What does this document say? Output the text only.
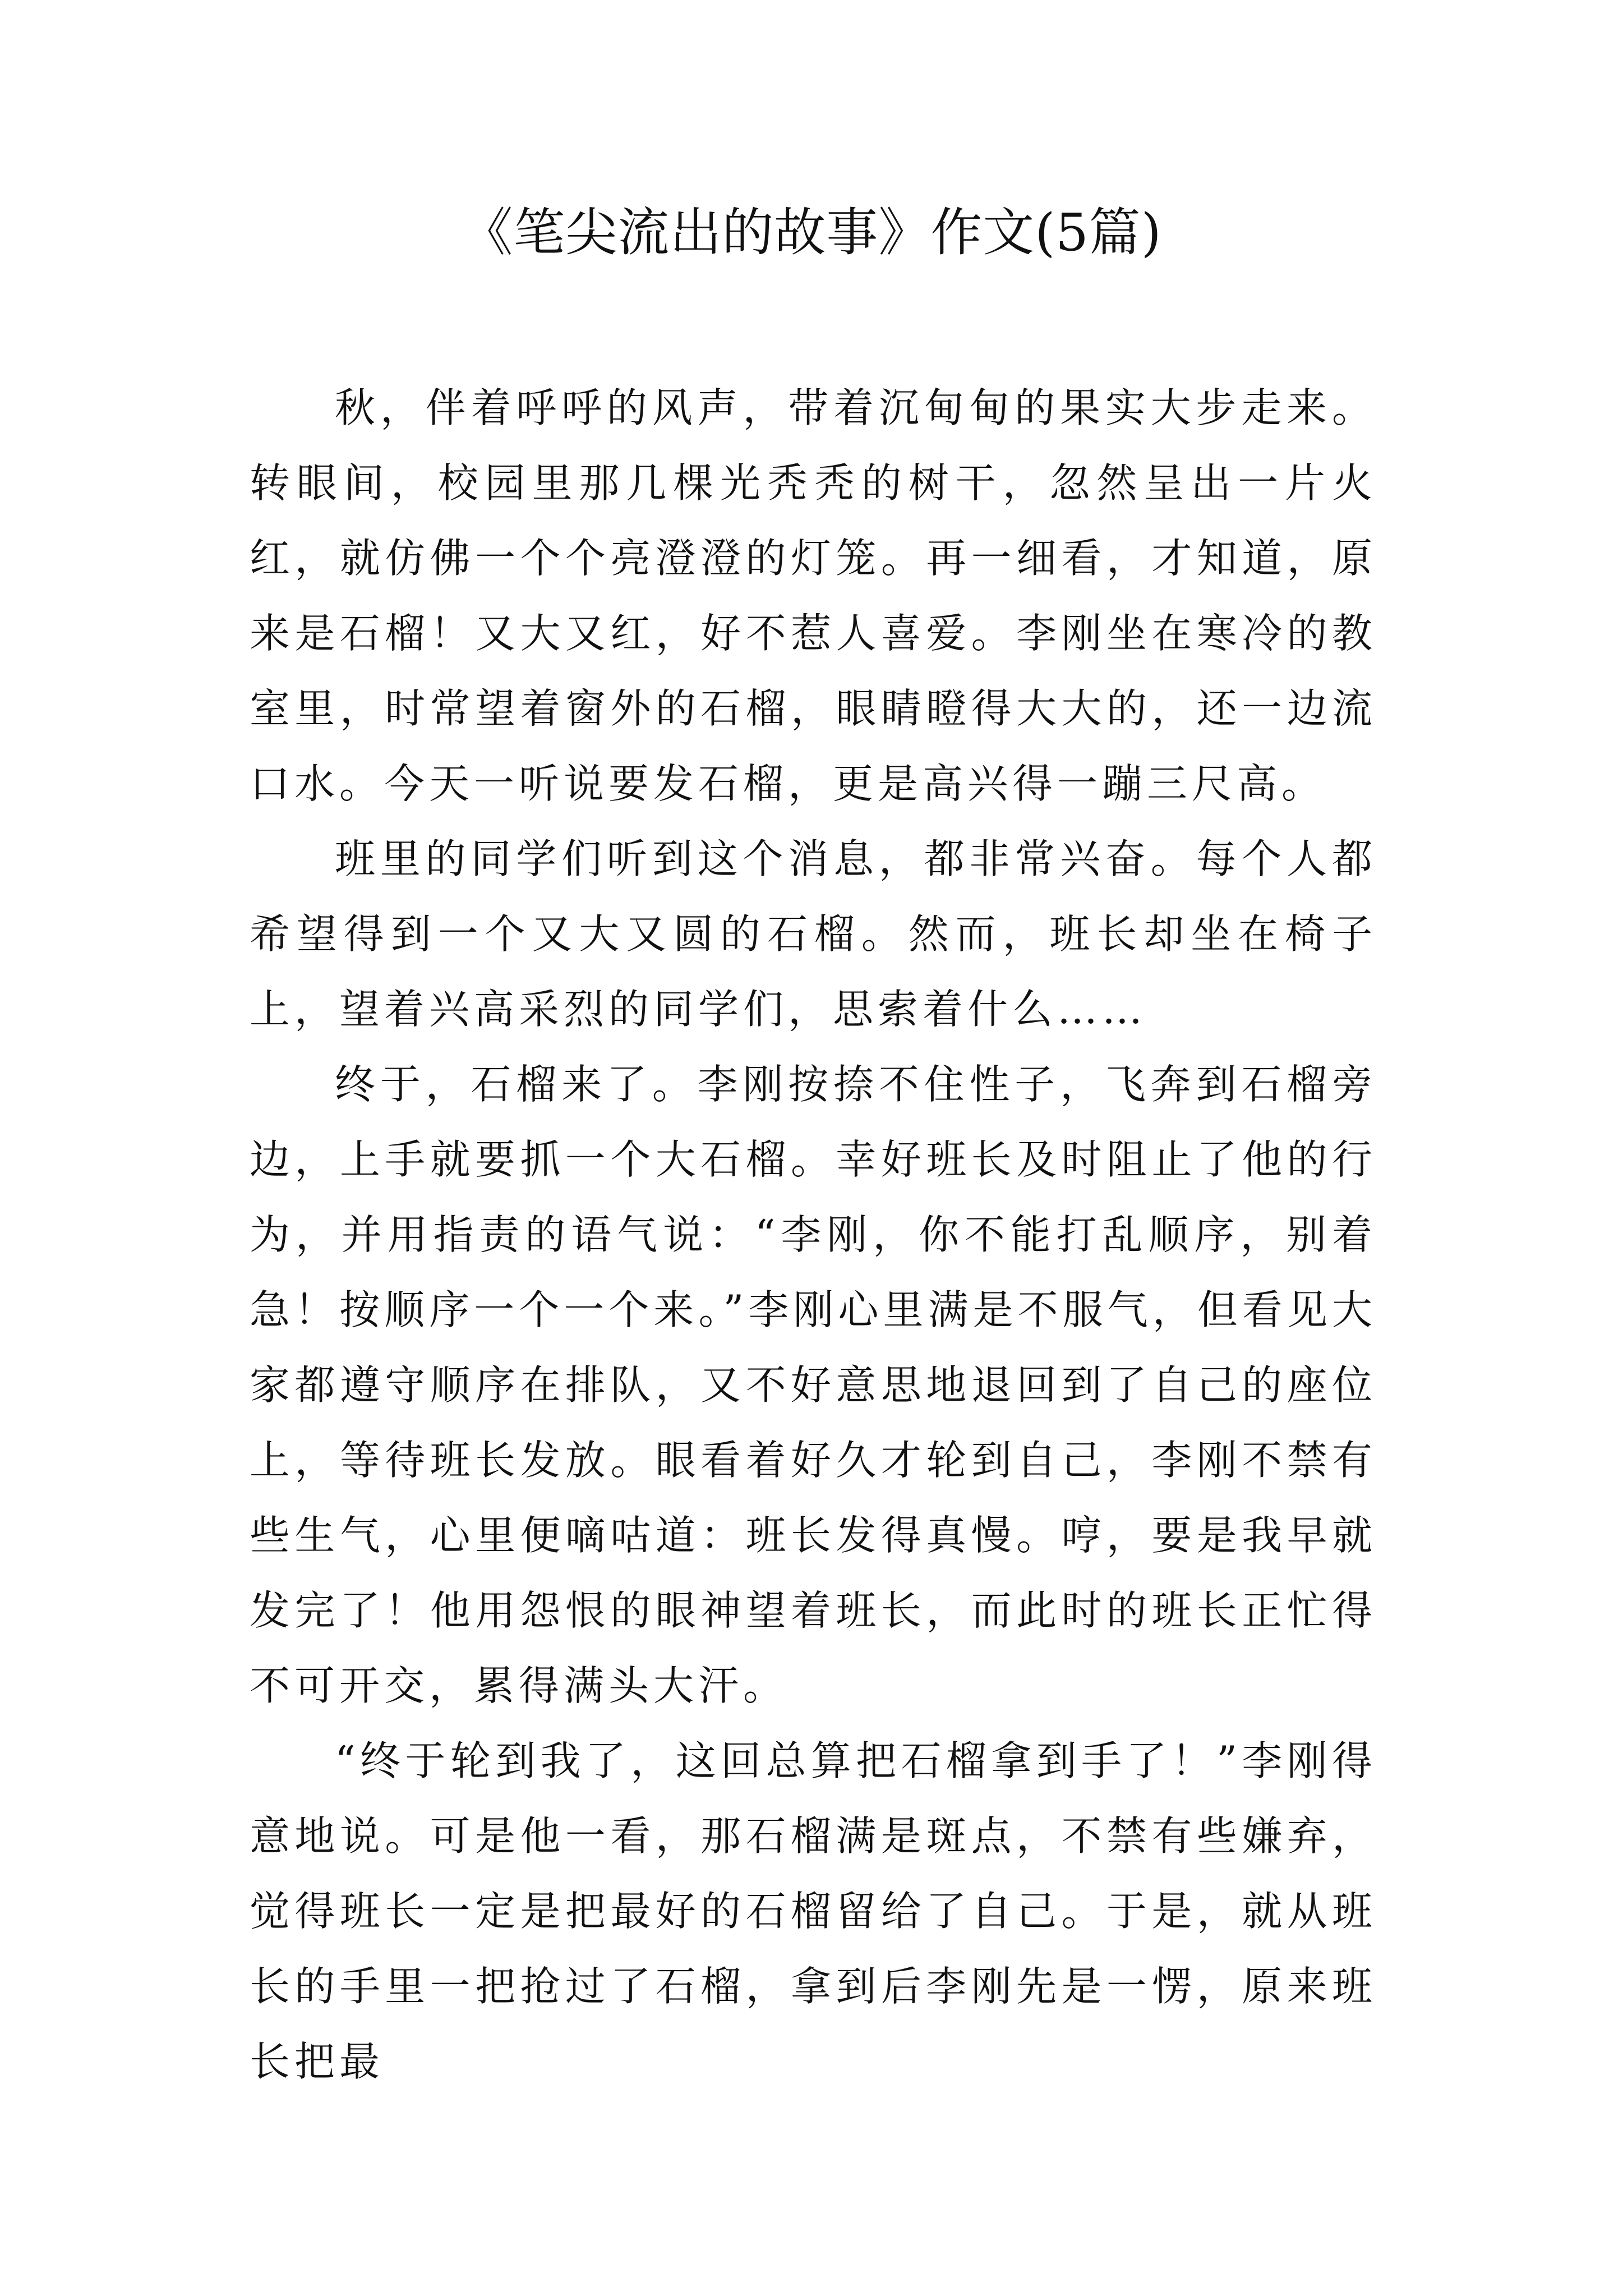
《笔尖流出的故事》作文(5篇)

秋，伴着呼呼的风声，带着沉甸甸的果实大步走来。转眼间，校园里那几棵光秃秃的树干，忽然呈出一片火红，就仿佛一个个亮澄澄的灯笼。再一细看，才知道，原来是石榴！又大又红，好不惹人喜爱。李刚坐在寒冷的教室里，时常望着窗外的石榴，眼睛瞪得大大的，还一边流口水。今天一听说要发石榴，更是高兴得一蹦三尺高。

班里的同学们听到这个消息，都非常兴奋。每个人都希望得到一个又大又圆的石榴。然而，班长却坐在椅子上，望着兴高采烈的同学们，思索着什么……

终于，石榴来了。李刚按捺不住性子，飞奔到石榴旁边，上手就要抓一个大石榴。幸好班长及时阻止了他的行为，并用指责的语气说：“李刚，你不能打乱顺序，别着急！按顺序一个一个来。”李刚心里满是不服气，但看见大家都遵守顺序在排队，又不好意思地退回到了自己的座位上，等待班长发放。眼看着好久才轮到自己，李刚不禁有些生气，心里便嘀咕道：班长发得真慢。哼，要是我早就发完了！他用怨恨的眼神望着班长，而此时的班长正忙得不可开交，累得满头大汗。

“终于轮到我了，这回总算把石榴拿到手了！”李刚得意地说。可是他一看，那石榴满是斑点，不禁有些嫌弃，觉得班长一定是把最好的石榴留给了自己。于是，就从班长的手里一把抢过了石榴，拿到后李刚先是一愣，原来班长把最
